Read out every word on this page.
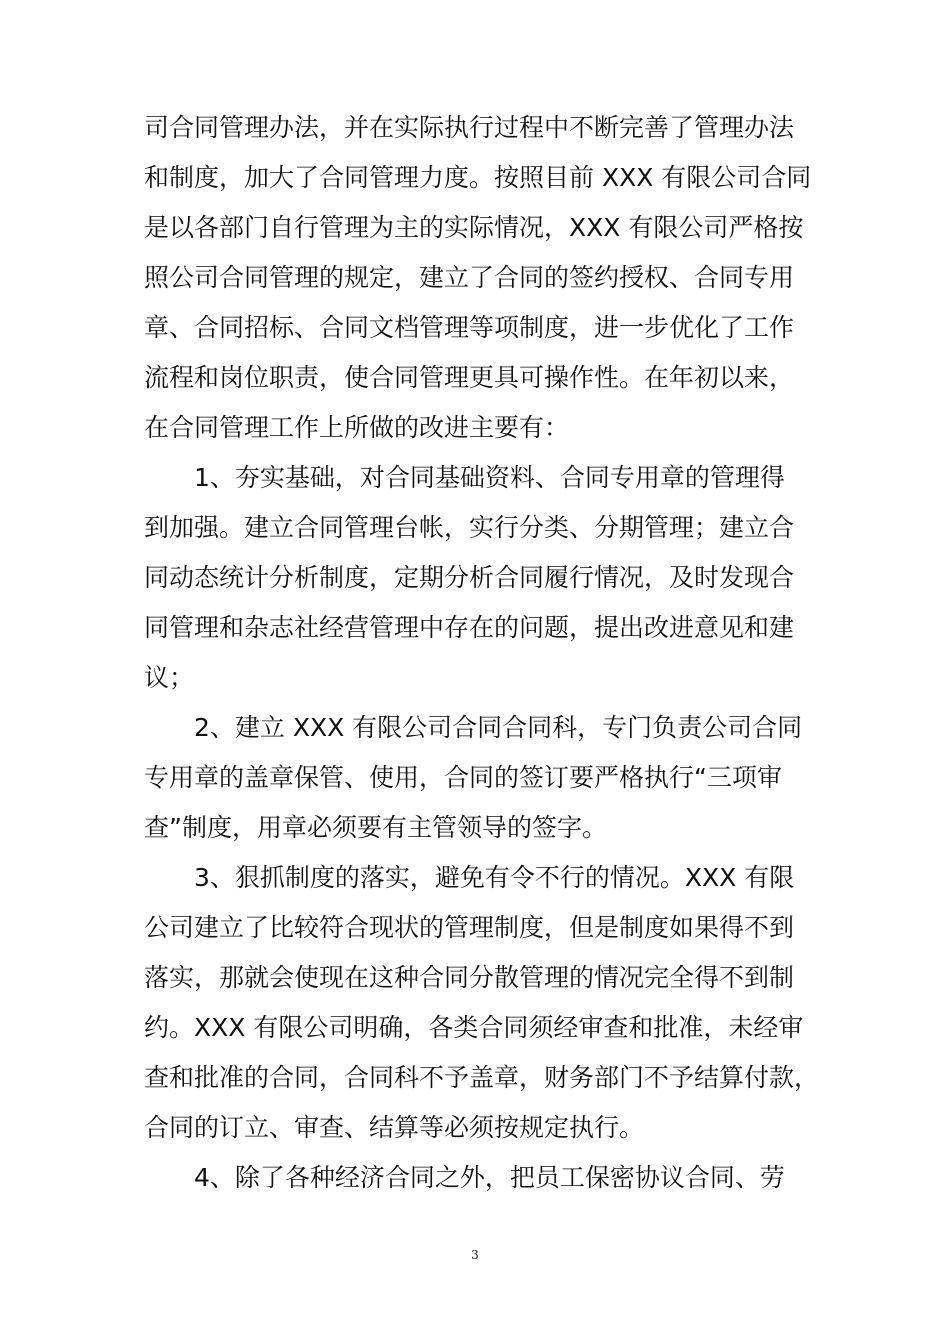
司合同管理办法，并在实际执行过程中不断完善了管理办法
和制度，加大了合同管理力度。按照目前 XXX 有限公司合同
是以各部门自行管理为主的实际情况，XXX 有限公司严格按
照公司合同管理的规定，建立了合同的签约授权、合同专用
章、合同招标、合同文档管理等项制度，进一步优化了工作
流程和岗位职责，使合同管理更具可操作性。在年初以来，
在合同管理工作上所做的改进主要有：
1、夯实基础，对合同基础资料、合同专用章的管理得
到加强。建立合同管理台帐，实行分类、分期管理；建立合
同动态统计分析制度，定期分析合同履行情况，及时发现合
同管理和杂志社经营管理中存在的问题，提出改进意见和建
议；
2、建立 XXX 有限公司合同合同科，专门负责公司合同
专用章的盖章保管、使用，合同的签订要严格执行“三项审
查”制度，用章必须要有主管领导的签字。
3、狠抓制度的落实，避免有令不行的情况。XXX 有限
公司建立了比较符合现状的管理制度，但是制度如果得不到
落实，那就会使现在这种合同分散管理的情况完全得不到制
约。XXX 有限公司明确，各类合同须经审查和批准，未经审
查和批准的合同，合同科不予盖章，财务部门不予结算付款，
合同的订立、审查、结算等必须按规定执行。
4、除了各种经济合同之外，把员工保密协议合同、劳
3
